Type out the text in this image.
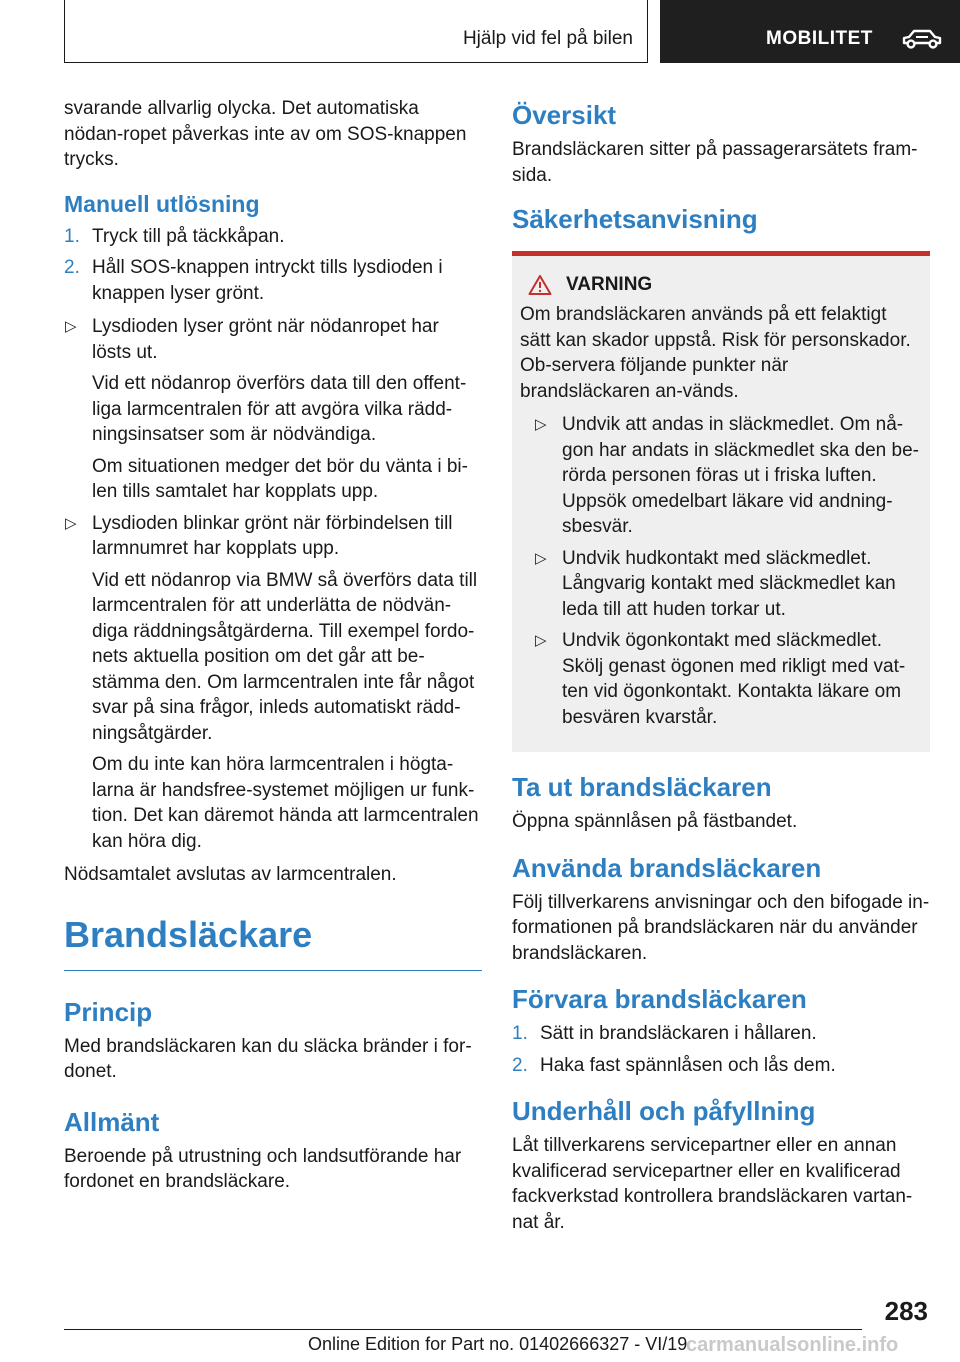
Hjälp vid fel på bilen	MOBILITET

svarande allvarlig olycka. Det automatiska nödan-ropet påverkas inte av om SOS-knappen trycks.

Manuell utlösning
1. Tryck till på täckkåpan.
2. Håll SOS-knappen intryckt tills lysdioden i knappen lyser grönt.
▷ Lysdioden lyser grönt när nödanropet har lösts ut.
Vid ett nödanrop överförs data till den offent-liga larmcentralen för att avgöra vilka rädd-ningsinsatser som är nödvändiga.
Om situationen medger det bör du vänta i bi-len tills samtalet har kopplats upp.
▷ Lysdioden blinkar grönt när förbindelsen till larmnumret har kopplats upp.
Vid ett nödanrop via BMW så överförs data till larmcentralen för att underlätta de nödvän-diga räddningsåtgärderna. Till exempel fordo-nets aktuella position om det går att be-stämma den. Om larmcentralen inte får något svar på sina frågor, inleds automatiskt rädd-ningsåtgärder.
Om du inte kan höra larmcentralen i högta-larna är handsfree-systemet möjligen ur funk-tion. Det kan däremot hända att larmcentralen kan höra dig.

Nödsamtalet avslutas av larmcentralen.

Brandsläckare
Princip

Med brandsläckaren kan du släcka bränder i for-donet.

Allmänt

Beroende på utrustning och landsutförande har fordonet en brandsläckare.

Översikt

Brandsläckaren sitter på passagerarsätets fram-sida.

Säkerhetsanvisning
VARNING

Om brandsläckaren används på ett felaktigt sätt kan skador uppstå. Risk för personskador. Ob-servera följande punkter när brandsläckaren an-vänds.

▷ Undvik att andas in släckmedlet. Om nå-gon har andats in släckmedlet ska den be-rörda personen föras ut i friska luften. Uppsök omedelbart läkare vid andning-sbesvär.
▷ Undvik hudkontakt med släckmedlet. Långvarig kontakt med släckmedlet kan leda till att huden torkar ut.
▷ Undvik ögonkontakt med släckmedlet. Skölj genast ögonen med rikligt med vat-ten vid ögonkontakt. Kontakta läkare om besvären kvarstår.
Ta ut brandsläckaren

Öppna spännlåsen på fästbandet.

Använda brandsläckaren

Följ tillverkarens anvisningar och den bifogade in-formationen på brandsläckaren när du använder brandsläckaren.

Förvara brandsläckaren
1. Sätt in brandsläckaren i hållaren.
2. Haka fast spännlåsen och lås dem.
Underhåll och påfyllning

Låt tillverkarens servicepartner eller en annan kvalificerad servicepartner eller en kvalificerad fackverkstad kontrollera brandsläckaren vartan-nat år.

283
Online Edition for Part no. 01402666327 - VI/19
carmanualsonline.info
